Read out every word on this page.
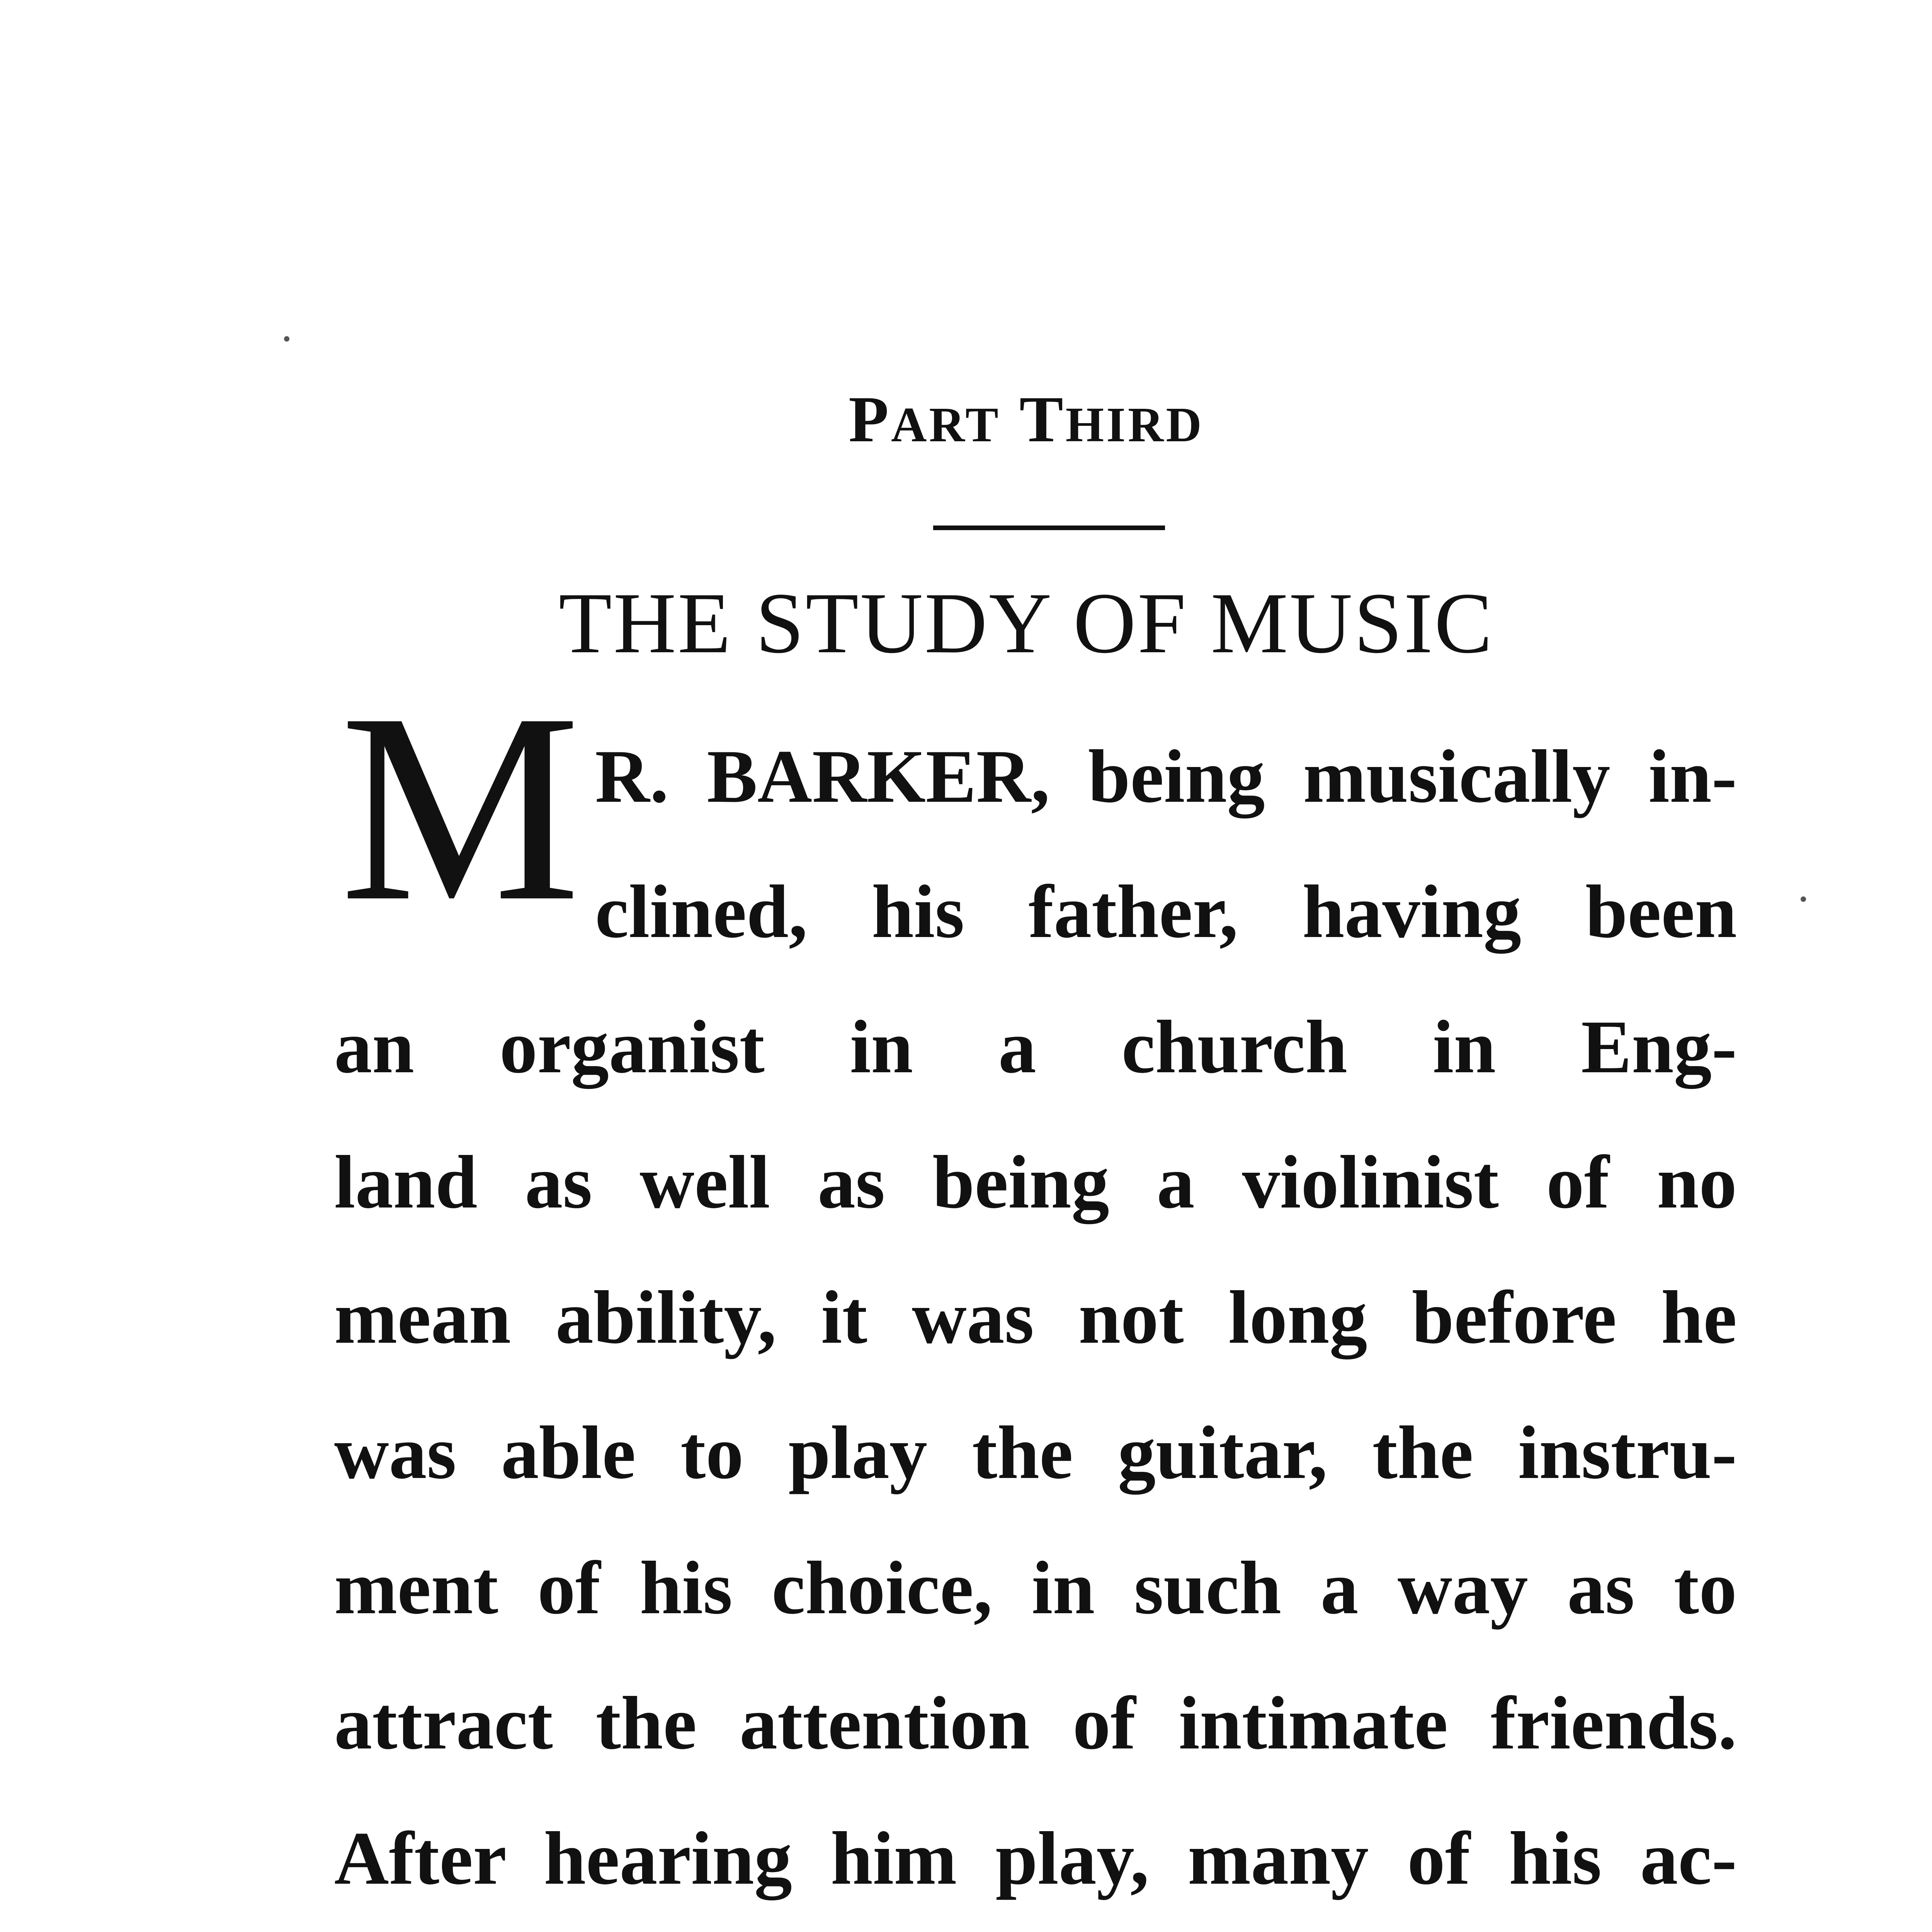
PART THIRD
THE STUDY OF MUSIC
M R. BARKER, being musically in-
clined, his father, having been
an organist in a church in Eng-
land as well as being a violinist of no
mean ability, it was not long before he
was able to play the guitar, the instru-
ment of his choice, in such a way as to
attract the attention of intimate friends.
After hearing him play, many of his ac-
